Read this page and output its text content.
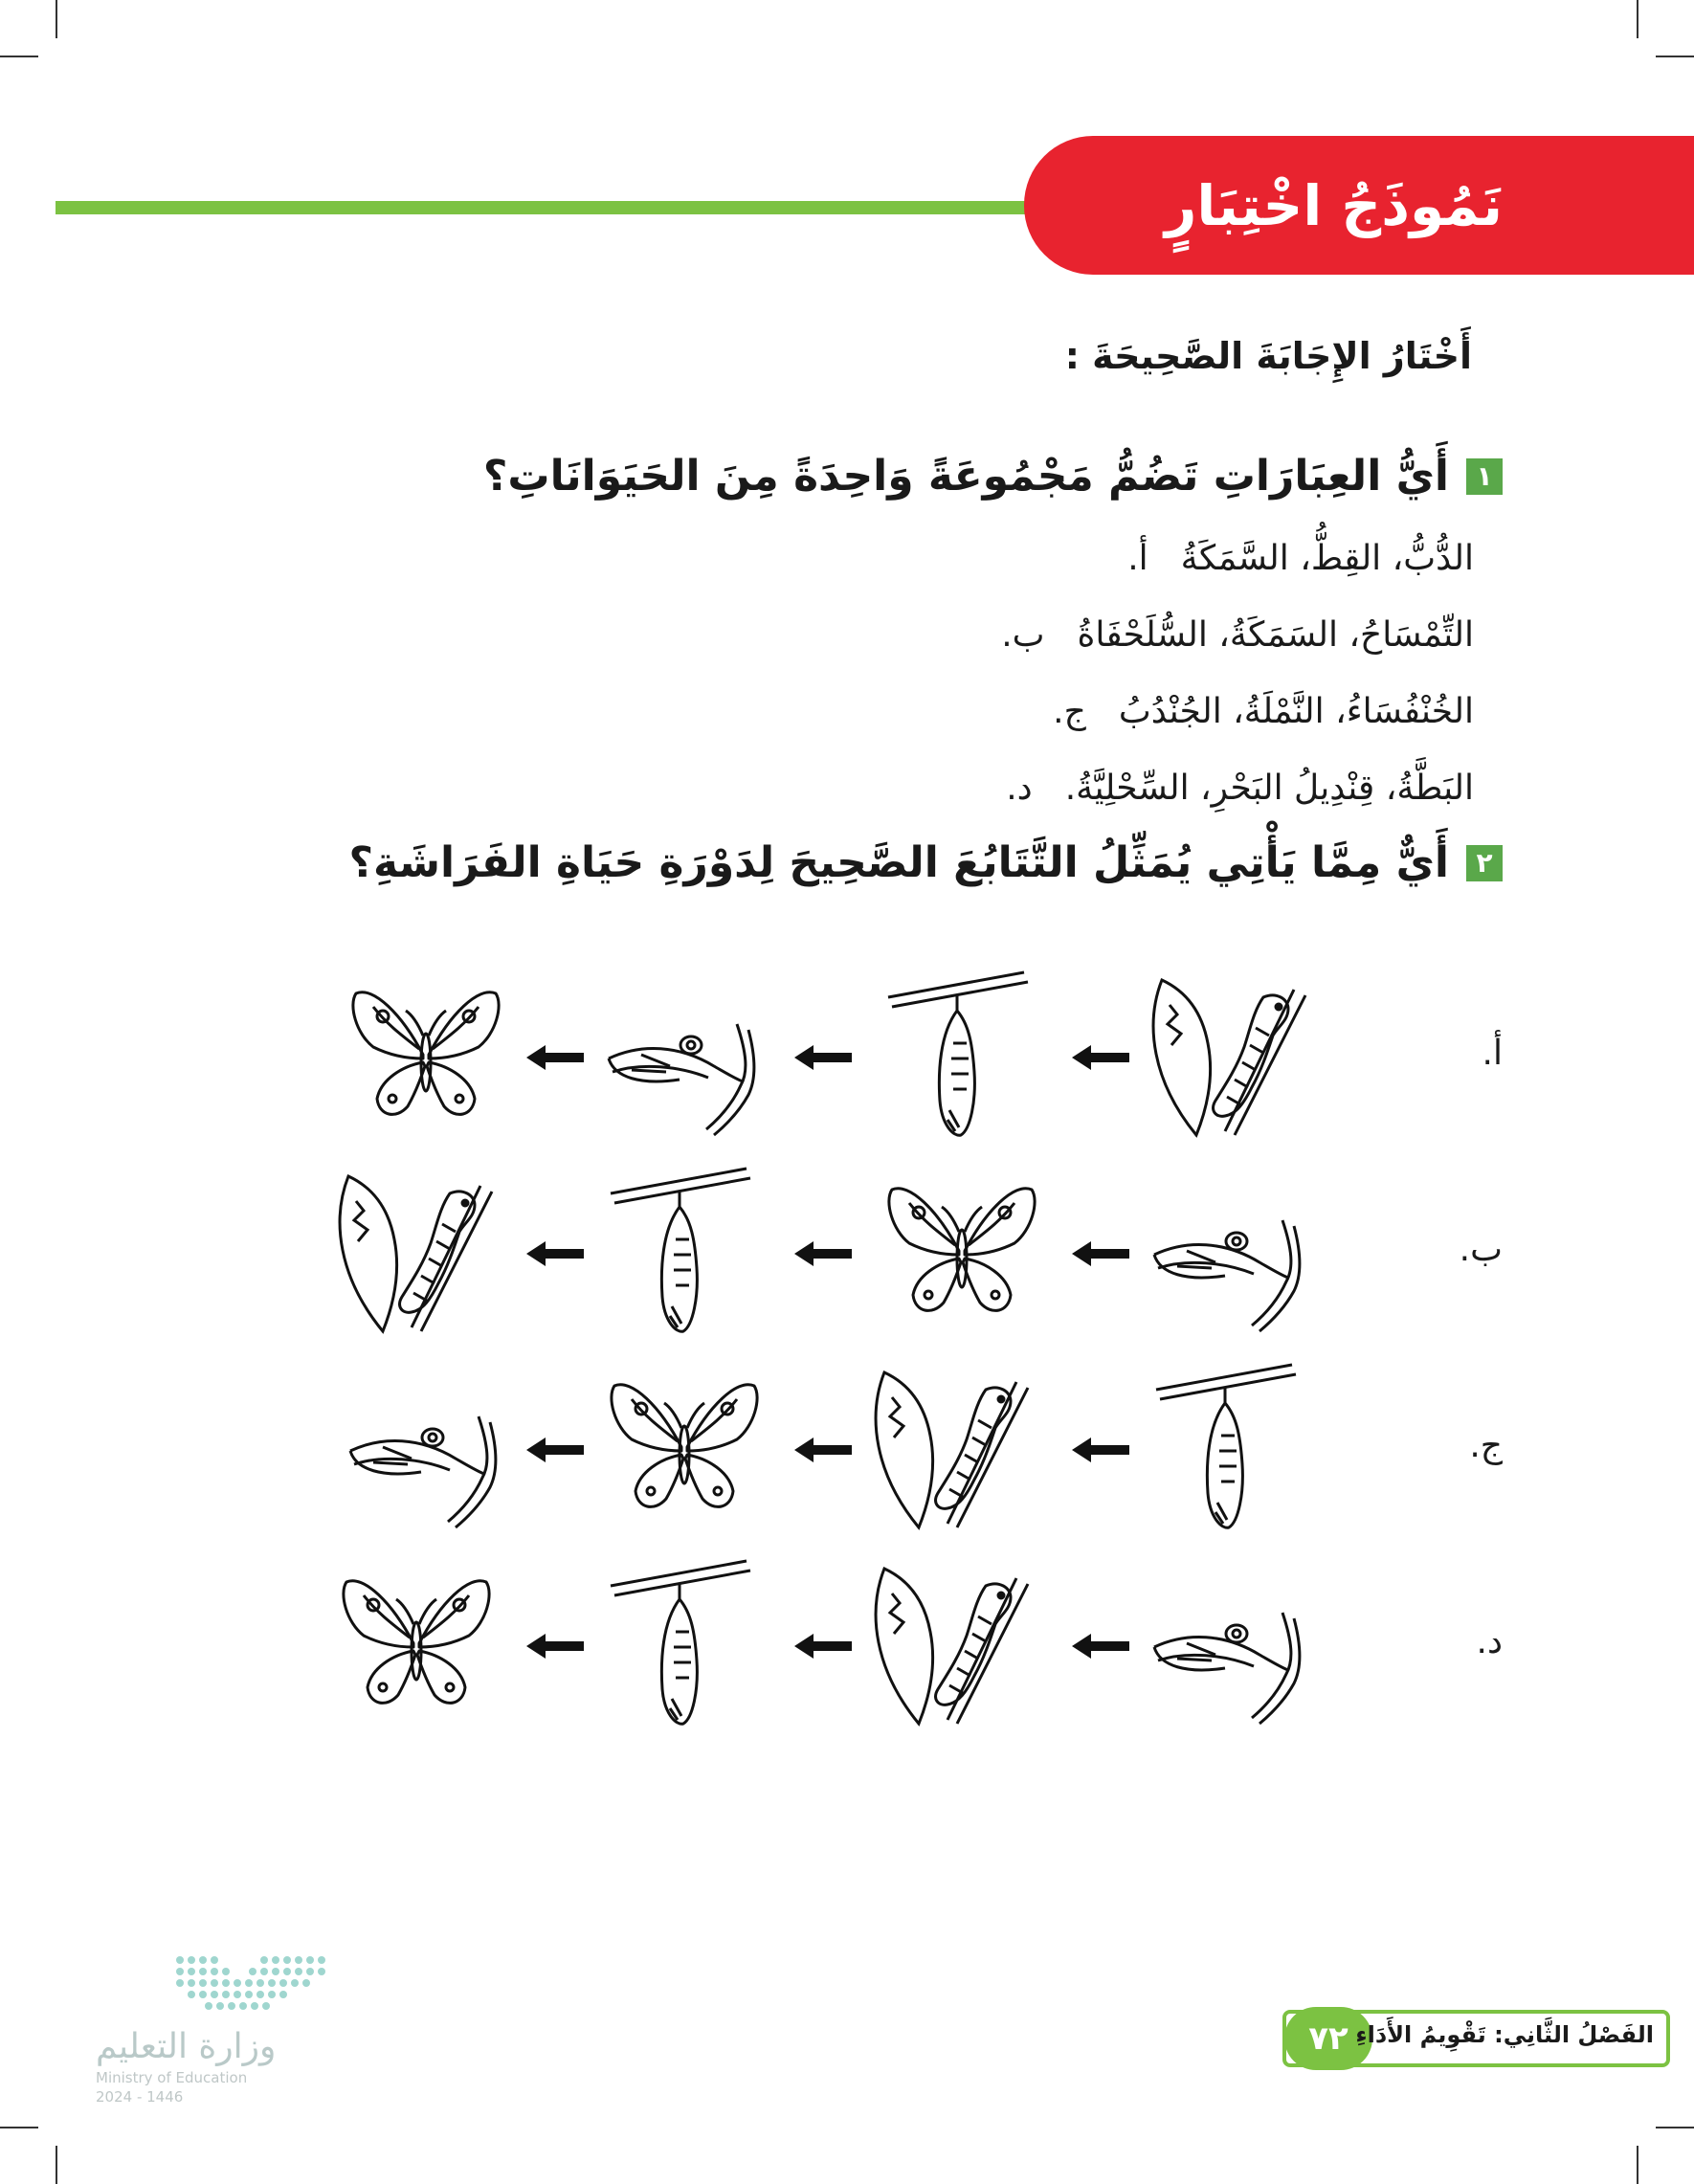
نَمُوذَجُ اخْتِبَارٍ
أَخْتَارُ الإِجَابَةَ الصَّحِيحَةَ :
١
أَيُّ العِبَارَاتِ تَضُمُّ مَجْمُوعَةً وَاحِدَةً مِنَ الحَيَوَانَاتِ؟
أ. الدُّبُّ، القِطُّ، السَّمَكَةُ
ب. التِّمْسَاحُ، السَمَكَةُ، السُّلَحْفَاةُ
ج. الخُنْفُسَاءُ، النَّمْلَةُ، الجُنْدُبُ
د. البَطَّةُ، قِنْدِيلُ البَحْرِ، السِّحْلِيَّةُ.
٢
أَيٌّ مِمَّا يَأْتِي يُمَثِّلُ التَّتَابُعَ الصَّحِيحَ لِدَوْرَةِ حَيَاةِ الفَرَاشَةِ؟
أ.
ب.
ج.
د.
وزارة التعليم
Ministry of Education
2024 - 1446
٧٢ الفَصْلُ الثَّانِي: تَقْوِيمُ الأَدَاءِ
